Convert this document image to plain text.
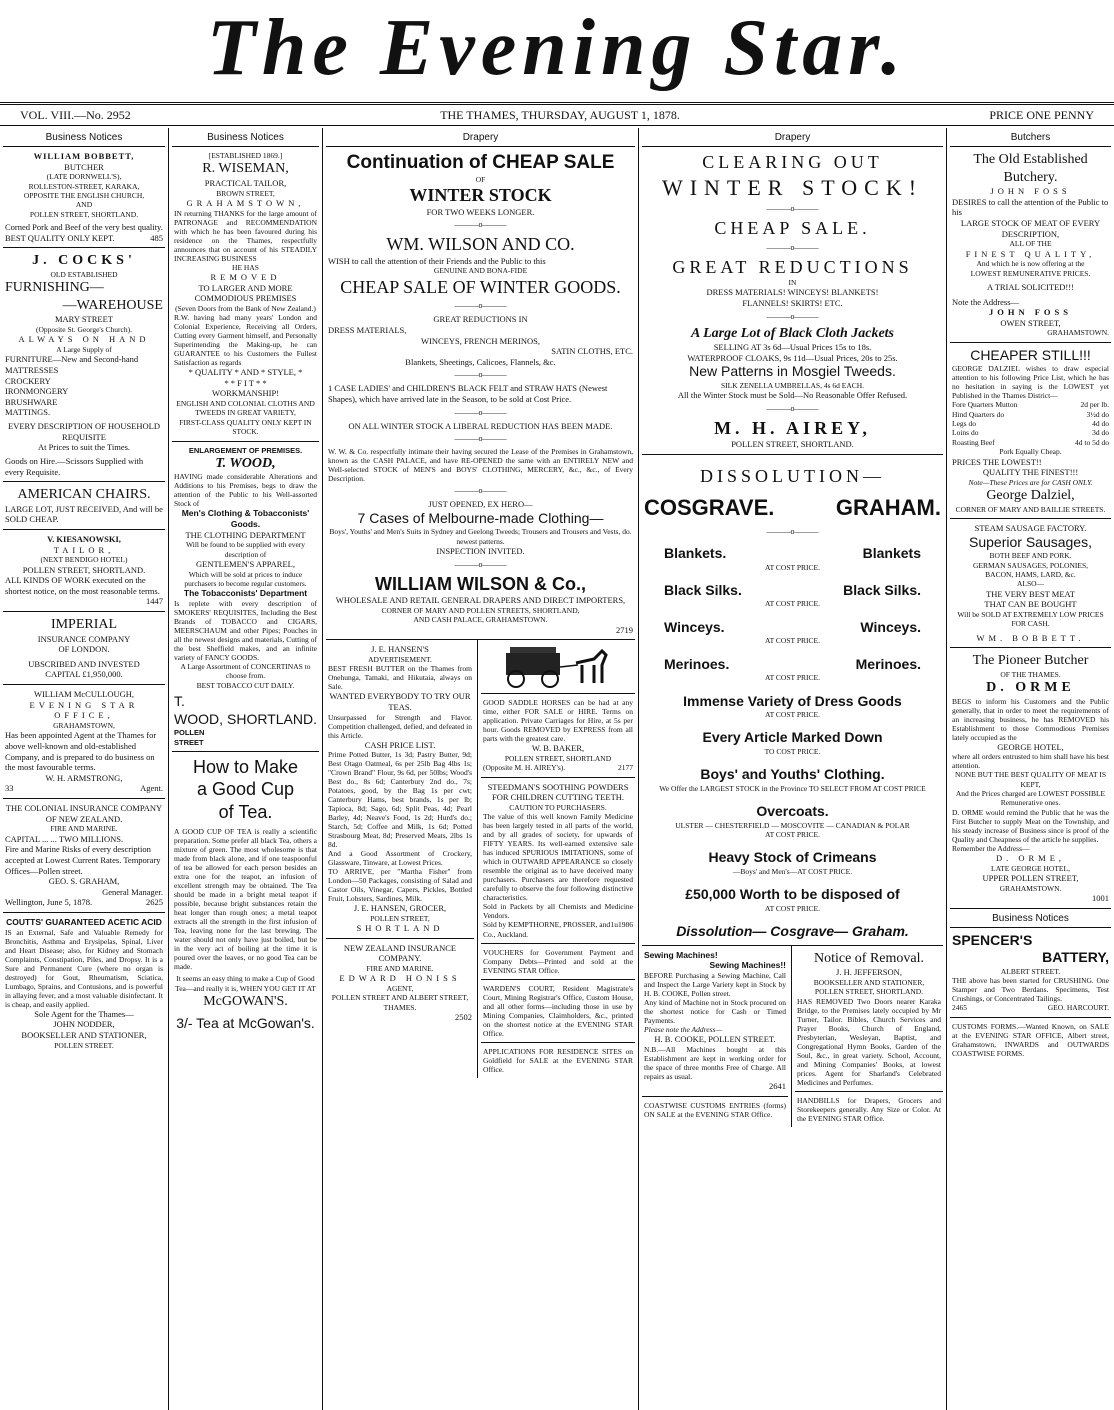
The Evening Star.
VOL. VIII.—No. 2952	THE THAMES, THURSDAY, AUGUST 1, 1878.	PRICE ONE PENNY
Business Notices
WILLIAM BOBBETT,
BUTCHER
(LATE DORNWELL'S),
ROLLESTON-STREET, KARAKA,
OPPOSITE THE ENGLISH CHURCH,
AND
POLLEN STREET, SHORTLAND.
Corned Pork and Beef of the very best quality.
BEST QUALITY ONLY KEPT.	485
J. COCKS'
OLD ESTABLISHED
FURNISHING—
—WAREHOUSE
MARY STREET
(Opposite St. George's Church).
ALWAYS ON HAND
A Large Supply of
FURNITURE—New and Second-hand
MATTRESSES
CROCKERY
IRONMONGERY
BRUSHWARE
MATTINGS.
EVERY DESCRIPTION OF HOUSEHOLD REQUISITE
At Prices to suit the Times.
Goods on Hire.—Scissors Supplied with every Requisite.
AMERICAN CHAIRS.
LARGE LOT, JUST RECEIVED, And will be SOLD CHEAP.
V. KIESANOWSKI,
TAILOR,
(NEXT BENDIGO HOTEL)
POLLEN STREET, SHORTLAND.
ALL KINDS OF WORK executed on the shortest notice, on the most reasonable terms.
1447
IMPERIAL
INSURANCE COMPANY
OF LONDON.
UBSCRIBED AND INVESTED
CAPITAL £1,950,000.
WILLIAM McCULLOUGH,
EVENING STAR OFFICE,
GRAHAMSTOWN,
Has been appointed Agent at the Thames for above well-known and old-established Company, and is prepared to do business on the most favourable terms.
W. H. ARMSTRONG,
33	Agent.
THE COLONIAL INSURANCE COMPANY OF NEW ZEALAND.
FIRE AND MARINE.
CAPITAL ... ... TWO MILLIONS.
Fire and Marine Risks of every description accepted at Lowest Current Rates. Temporary Offices—Pollen street.
GEO. S. GRAHAM,
General Manager.
Wellington, June 5, 1878.	2625
COUTTS' GUARANTEED ACETIC ACID
IS an External, Safe and Valuable Remedy for Bronchitis, Asthma and Erysipelas, Spinal, Liver and Heart Disease; also, for Kidney and Stomach Complaints, Constipation, Piles, and Dropsy. It is a Sure and Permanent Cure (where no organ is destroyed) for Gout, Rheumatism, Sciatica, Lumbago, Sprains, and Contusions, and is powerful in allaying fever, and a most valuable disinfectant. It is cheap, and easily applied.
Sole Agent for the Thames—
JOHN NODDER,
BOOKSELLER AND STATIONER,
POLLEN STREET.
Business Notices
[ESTABLISHED 1869.]
R. WISEMAN,
PRACTICAL TAILOR,
BROWN STREET,
GRAHAMSTOWN,
IN returning THANKS for the large amount of PATRONAGE and RECOMMENDATION with which he has been favoured during his residence on the Thames, respectfully announces that on account of his STEADILY INCREASING BUSINESS
HE HAS
REMOVED
TO LARGER AND MORE COMMODIOUS PREMISES
(Seven Doors from the Bank of New Zealand.)
R.W. having had many years' London and Colonial Experience, Receiving all Orders, Cutting every Garment himself, and Personally Superintending the Making-up, he can GUARANTEE to his Customers the Fullest Satisfaction as regards
* QUALITY * AND * STYLE, *
* * F I T * *
WORKMANSHIP!
ENGLISH AND COLONIAL CLOTHS AND TWEEDS IN GREAT VARIETY,
FIRST-CLASS QUALITY ONLY KEPT IN STOCK.
ENLARGEMENT OF PREMISES.
T. WOOD,
HAVING made considerable Alterations and Additions to his Premises, begs to draw the attention of the Public to his Well-assorted Stock of
Men's Clothing & Tobacconists' Goods.
THE CLOTHING DEPARTMENT
Will be found to be supplied with every description of
GENTLEMEN'S APPAREL,
Which will be sold at prices to induce purchasers to become regular customers.
The Tobacconists' Department
Is replete with every description of SMOKERS' REQUISITES, Including the Best Brands of TOBACCO and CIGARS, MEERSCHAUM and other Pipes; Pouches in all the newest designs and materials, Cutting of the best Sheffield makes, and an infinite variety of FANCY GOODS.
A Large Assortment of CONCERTINAS to choose from.
BEST TOBACCO CUT DAILY.
T. WOOD,
POLLEN STREET
SHORTLAND.
How to Make
a Good Cup
of Tea.
A GOOD CUP OF TEA is really a scientific preparation. Some prefer all black Tea, others a mixture of green. The most wholesome is that made from black alone, and if one teaspoonful of tea be allowed for each person besides an extra one for the teapot, an infusion of excellent strength may be obtained. The Tea should be made in a bright metal teapot if possible, because bright substances retain the heat longer than rough ones; a metal teapot extracts all the strength in the first infusion of Tea, leaving none for the last brewing. The water should not only have just boiled, but be in the very act of boiling at the time it is poured over the leaves, or no good Tea can be made.
It seems an easy thing to make a Cup of Good Tea—and really it is, WHEN YOU GET IT AT
McGOWAN'S.
3/- Tea at McGowan's.
Drapery
Continuation of CHEAP SALE
OF
WINTER STOCK
FOR TWO WEEKS LONGER.
———o———
WM. WILSON AND CO.
WISH to call the attention of their Friends and the Public to this
GENUINE AND BONA-FIDE
CHEAP SALE OF WINTER GOODS.
———o———
GREAT REDUCTIONS IN
DRESS MATERIALS,
WINCEYS, FRENCH MERINOS,
SATIN CLOTHS, ETC.
Blankets, Sheetings, Calicoes, Flannels, &c.
———o———
1 CASE LADIES' and CHILDREN'S BLACK FELT and STRAW HATS (Newest Shapes), which have arrived late in the Season, to be sold at Cost Price.
———o———
ON ALL WINTER STOCK A LIBERAL REDUCTION HAS BEEN MADE.
———o———
W. W. & Co. respectfully intimate their having secured the Lease of the Premises in Grahamstown, known as the CASH PALACE, and have RE-OPENED the same with an ENTIRELY NEW and Well-selected STOCK of MEN'S and BOYS' CLOTHING, MERCERY, &c., &c., of Every Description.
———o———
JUST OPENED, EX HERO—
7 Cases of Melbourne-made Clothing—
Boys', Youths' and Men's Suits in Sydney and Geelong Tweeds; Trousers and Trousers and Vests, do. newest patterns.
INSPECTION INVITED.
———o———
WILLIAM WILSON & Co.,
WHOLESALE AND RETAIL GENERAL DRAPERS AND DIRECT IMPORTERS,
CORNER OF MARY AND POLLEN STREETS, SHORTLAND,
AND CASH PALACE, GRAHAMSTOWN.
2719
J. E. HANSEN'S
ADVERTISEMENT.
BEST FRESH BUTTER on the Thames from Onehunga, Tamaki, and Hikutaia, always on Sale.
WANTED EVERYBODY TO TRY OUR TEAS.
Unsurpassed for Strength and Flavor. Competition challenged, defied, and defeated in this Article.
CASH PRICE LIST.
Prime Potted Butter, 1s 3d; Pastry Butter, 9d; Best Otago Oatmeal, 6s per 25lb Bag 4lbs 1s; "Crown Brand" Flour, 9s 6d, per 50lbs; Wood's Best do., 8s 6d; Canterbury 2nd do., 7s; Potatoes, good, by the Bag 1s per cwt; Canterbury Hams, best brands, 1s per lb; Tapioca, 8d; Sago, 6d; Split Peas, 4d; Pearl Barley, 4d; Neave's Food, 1s 2d; Hurd's do.; Starch, 5d; Coffee and Milk, 1s 6d; Potted Strasbourg Meat, 8d; Preserved Meats, 2lbs 1s 8d.
And a Good Assortment of Crockery, Glassware, Tinware, at Lowest Prices.
TO ARRIVE, per "Martha Fisher" from London—50 Packages, consisting of Salad and Castor Oils, Vinegar, Capers, Pickles, Bottled Fruit, Lobsters, Sardines, Milk.
J. E. HANSEN, GROCER,
POLLEN STREET,
SHORTLAND
NEW ZEALAND INSURANCE COMPANY.
FIRE AND MARINE.
EDWARD HONISS
AGENT,
POLLEN STREET AND ALBERT STREET, THAMES.
2502
GOOD SADDLE HORSES can be had at any time, either FOR SALE or HIRE. Terms on application. Private Carriages for Hire, at 5s per hour. Goods REMOVED by EXPRESS from all parts with the greatest care.
W. B. BAKER,
POLLEN STREET, SHORTLAND
(Opposite M. H. AIREY's).	2177
STEEDMAN'S SOOTHING POWDERS FOR CHILDREN CUTTING TEETH.
CAUTION TO PURCHASERS.
The value of this well known Family Medicine has been largely tested in all parts of the world, and by all grades of society, for upwards of FIFTY YEARS. Its well-earned extensive sale has induced SPURIOUS IMITATIONS, some of which in OUTWARD APPEARANCE so closely resemble the original as to have deceived many purchasers. Purchasers are therefore requested carefully to observe the four following distinctive characteristics.
Sold in Packets by all Chemists and Medicine Vendors.
Sold by KEMPTHORNE, PROSSER, and Co., Auckland.
1u1986
VOUCHERS for Government Payment and Company Debts—Printed and sold at the EVENING STAR Office.
WARDEN'S COURT, Resident Magistrate's Court, Mining Registrar's Office, Custom House, and all other forms—including those in use by Mining Companies, Claimholders, &c., printed on the shortest notice at the EVENING STAR Office.
APPLICATIONS FOR RESIDENCE SITES on Goldfield for SALE at the EVENING STAR Office.
Drapery
CLEARING OUT
WINTER STOCK!
———o———
CHEAP SALE.
———o———
GREAT REDUCTIONS
IN
DRESS MATERIALS! WINCEYS! BLANKETS!
FLANNELS! SKIRTS! ETC.
———o———
A Large Lot of Black Cloth Jackets
SELLING AT 3s 6d—Usual Prices 15s to 18s.
WATERPROOF CLOAKS, 9s 11d—Usual Prices, 20s to 25s.
New Patterns in Mosgiel Tweeds.
SILK ZENELLA UMBRELLAS, 4s 6d EACH.
All the Winter Stock must be Sold—No Reasonable Offer Refused.
———o———
M. H. AIREY,
POLLEN STREET, SHORTLAND.
DISSOLUTION—
COSGRAVE.	GRAHAM.
———o———
Blankets.	Blankets
AT COST PRICE.
Black Silks.	Black Silks.
AT COST PRICE.
Winceys.	Winceys.
AT COST PRICE.
Merinoes.	Merinoes.
AT COST PRICE.
Immense Variety of Dress Goods
AT COST PRICE.
Every Article Marked Down
TO COST PRICE.
Boys' and Youths' Clothing.
We Offer the LARGEST STOCK in the Province TO SELECT FROM AT COST PRICE
Overcoats.
ULSTER — CHESTERFIELD — MOSCOVITE — CANADIAN & POLAR
AT COST PRICE.
Heavy Stock of Crimeans
—Boys' and Men's—AT COST PRICE.
£50,000 Worth to be disposed of
AT COST PRICE.
Dissolution— Cosgrave— Graham.
Sewing Machines!
Sewing Machines!!
BEFORE Purchasing a Sewing Machine, Call and Inspect the Large Variety kept in Stock by H. B. COOKE, Pollen street.
Any kind of Machine not in Stock procured on the shortest notice for Cash or Timed Payments.
Please note the Address—
H. B. COOKE, POLLEN STREET.
N.B.—All Machines bought at this Establishment are kept in working order for the space of three months Free of Charge. All repairs as usual.
2641
COASTWISE CUSTOMS ENTRIES (forms) ON SALE at the EVENING STAR Office.
Notice of Removal.
J. H. JEFFERSON,
BOOKSELLER AND STATIONER,
POLLEN STREET, SHORTLAND.
HAS REMOVED Two Doors nearer Karaka Bridge, to the Premises lately occupied by Mr Turner, Tailor. Bibles, Church Services and Prayer Books, Church of England, Presbyterian, Wesleyan, Baptist, and Congregational Hymn Books, Garden of the Soul, &c., in great variety. School, Account, and Mining Companies' Books, at lowest prices. Agent for Sharland's Celebrated Medicines and Perfumes.
HANDBILLS for Drapers, Grocers and Storekeepers generally. Any Size or Color. At the EVENING STAR Office.
Butchers
The Old Established
Butchery.
JOHN FOSS
DESIRES to call the attention of the Public to his
LARGE STOCK OF MEAT OF EVERY DESCRIPTION,
ALL OF THE
FINEST QUALITY,
And which he is now offering at the
LOWEST REMUNERATIVE PRICES.
A TRIAL SOLICITED!!!
Note the Address—
JOHN FOSS
OWEN STREET,
GRAHAMSTOWN.
CHEAPER STILL!!!
GEORGE DALZIEL wishes to draw especial attention to his following Price List, which he has no hesitation in saying is the LOWEST yet Published in the Thames District—
Fore Quarters Mutton	2d per lb.
Hind Quarters do	3½d do
Legs do	4d do
Loins do	3d do
Roasting Beef	4d to 5d do
Pork Equally Cheap.
PRICES THE LOWEST!!
QUALITY THE FINEST!!!
Note—These Prices are for CASH ONLY.
George Dalziel,
CORNER OF MARY AND BAILLIE STREETS.
STEAM SAUSAGE FACTORY.
Superior Sausages,
BOTH BEEF AND PORK.
GERMAN SAUSAGES, POLONIES,
BACON, HAMS, LARD, &c.
ALSO—
THE VERY BEST MEAT
THAT CAN BE BOUGHT
Will be SOLD AT EXTREMELY LOW PRICES FOR CASH.
WM. BOBBETT.
The Pioneer Butcher
OF THE THAMES.
D. ORME
BEGS to inform his Customers and the Public generally, that in order to meet the requirements of an increasing business, he has REMOVED his Establishment to those Commodious Premises lately occupied as the
GEORGE HOTEL,
where all orders entrusted to him shall have his best attention.
NONE BUT THE BEST QUALITY OF MEAT IS KEPT,
And the Prices charged are LOWEST POSSIBLE Remunerative ones.
D. ORME would remind the Public that he was the First Butcher to supply Meat on the Township, and his steady increase of Business since is proof of the Quality and Cheapness of the article he supplies.
Remember the Address—
D. ORME,
LATE GEORGE HOTEL,
UPPER POLLEN STREET,
GRAHAMSTOWN.
1001
Business Notices
SPENCER'S
BATTERY,
ALBERT STREET.
THE above has been started for CRUSHING. One Stamper and Two Berdans. Specimens, Test Crushings, or Concentrated Tailings.
2465	GEO. HARCOURT.
CUSTOMS FORMS.—Wanted Known, on SALE at the EVENING STAR OFFICE, Albert street, Grahamstown, INWARDS and OUTWARDS COASTWISE FORMS.
